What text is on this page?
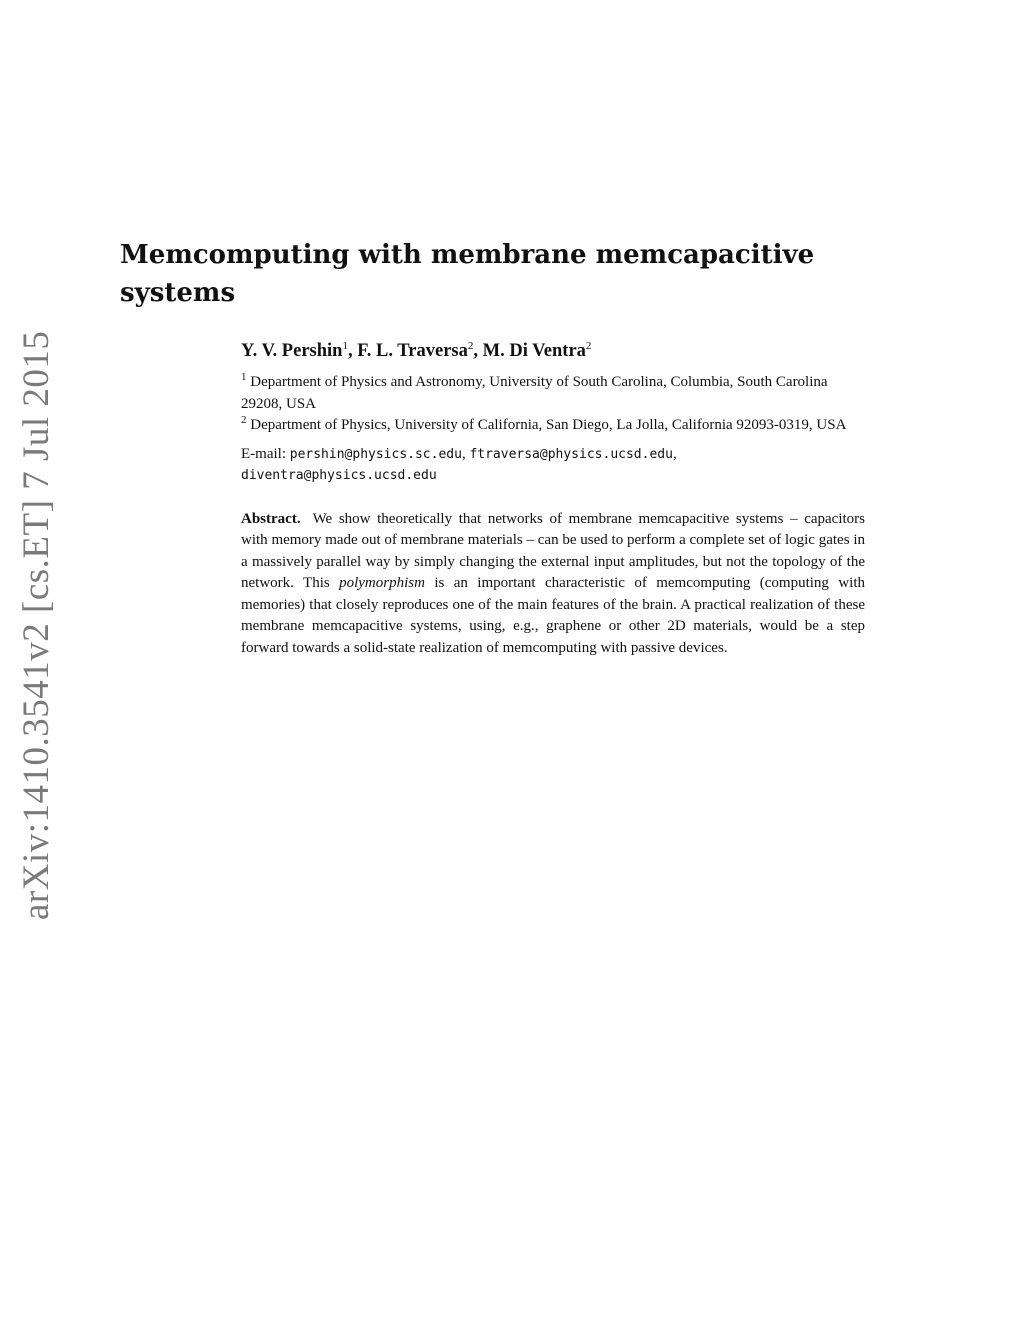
arXiv:1410.3541v2 [cs.ET] 7 Jul 2015
Memcomputing with membrane memcapacitive systems

Y. V. Pershin$^1$, F. L. Traversa$^2$, M. Di Ventra$^2$

$^1$ Department of Physics and Astronomy, University of South Carolina, Columbia, South Carolina 29208, USA

$^2$ Department of Physics, University of California, San Diego, La Jolla, California 92093-0319, USA

E-mail: pershin@physics.sc.edu, ftraversa@physics.ucsd.edu,
diventra@physics.ucsd.edu

Abstract. We show theoretically that networks of membrane memcapacitive systems – capacitors with memory made out of membrane materials – can be used to perform a complete set of logic gates in a massively parallel way by simply changing the external input amplitudes, but not the topology of the network. This polymorphism is an important characteristic of memcomputing (computing with memories) that closely reproduces one of the main features of the brain. A practical realization of these membrane memcapacitive systems, using, e.g., graphene or other 2D materials, would be a step forward towards a solid-state realization of memcomputing with passive devices.
